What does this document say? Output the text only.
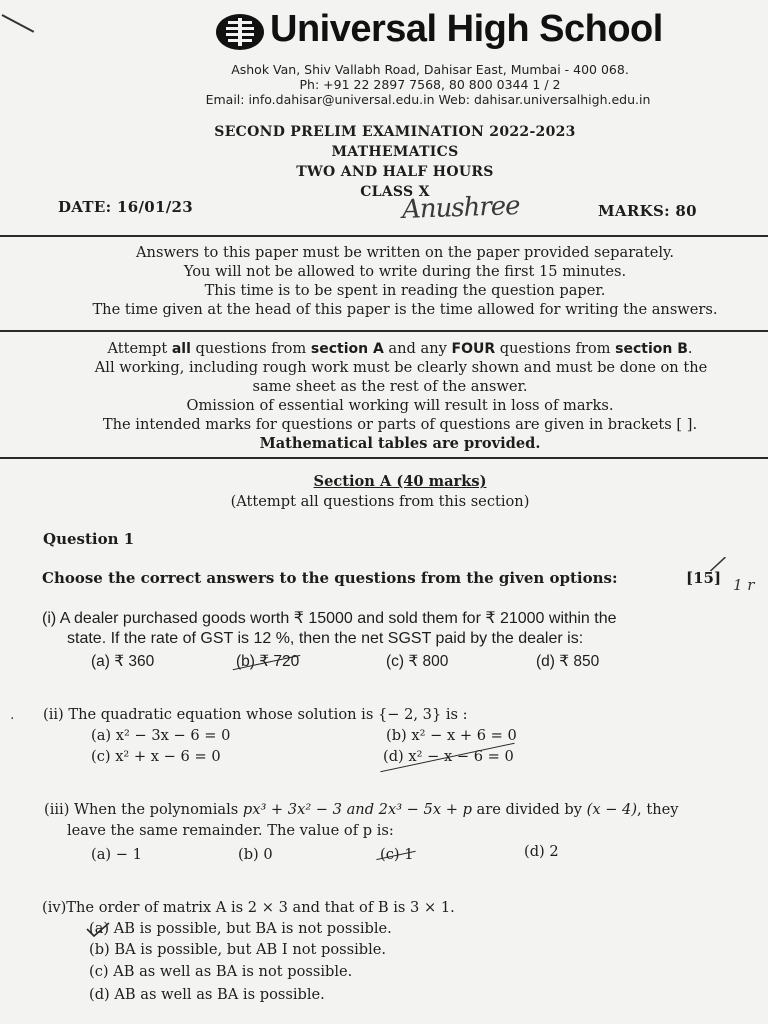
Universal High School
Ashok Van, Shiv Vallabh Road, Dahisar East, Mumbai - 400 068.
Ph: +91 22 2897 7568, 80 800 0344 1 / 2
Email: info.dahisar@universal.edu.in Web: dahisar.universalhigh.edu.in
SECOND PRELIM EXAMINATION 2022-2023
MATHEMATICS
TWO AND HALF HOURS
CLASS X
DATE: 16/01/23	Anushree	MARKS: 80
Answers to this paper must be written on the paper provided separately.
You will not be allowed to write during the first 15 minutes.
This time is to be spent in reading the question paper.
The time given at the head of this paper is the time allowed for writing the answers.
Attempt all questions from section A and any FOUR questions from section B.
All working, including rough work must be clearly shown and must be done on the
same sheet as the rest of the answer.
Omission of essential working will result in loss of marks.
The intended marks for questions or parts of questions are given in brackets [ ].
Mathematical tables are provided.
Section A (40 marks)
(Attempt all questions from this section)
Question 1
Choose the correct answers to the questions from the given options:	[15]
/
1 r
(i) A dealer purchased goods worth ₹ 15000 and sold them for ₹ 21000 within the
state. If the rate of GST is 12 %, then the net SGST paid by the dealer is:
(a) ₹ 360	(b) ₹ 720	(c) ₹ 800	(d) ₹ 850
· (ii) The quadratic equation whose solution is {− 2, 3} is :
(a) x² − 3x − 6 = 0	(b) x² − x + 6 = 0
(c) x² + x − 6 = 0	(d) x² − x − 6 = 0
(iii) When the polynomials px³ + 3x² − 3 and 2x³ − 5x + p are divided by (x − 4), they
leave the same remainder. The value of p is:
(a) − 1	(b) 0	(c) 1	(d) 2
(iv)The order of matrix A is 2 × 3 and that of B is 3 × 1.
(a) AB is possible, but BA is not possible.
(b) BA is possible, but AB I not possible.
(c) AB as well as BA is not possible.
(d) AB as well as BA is possible.
